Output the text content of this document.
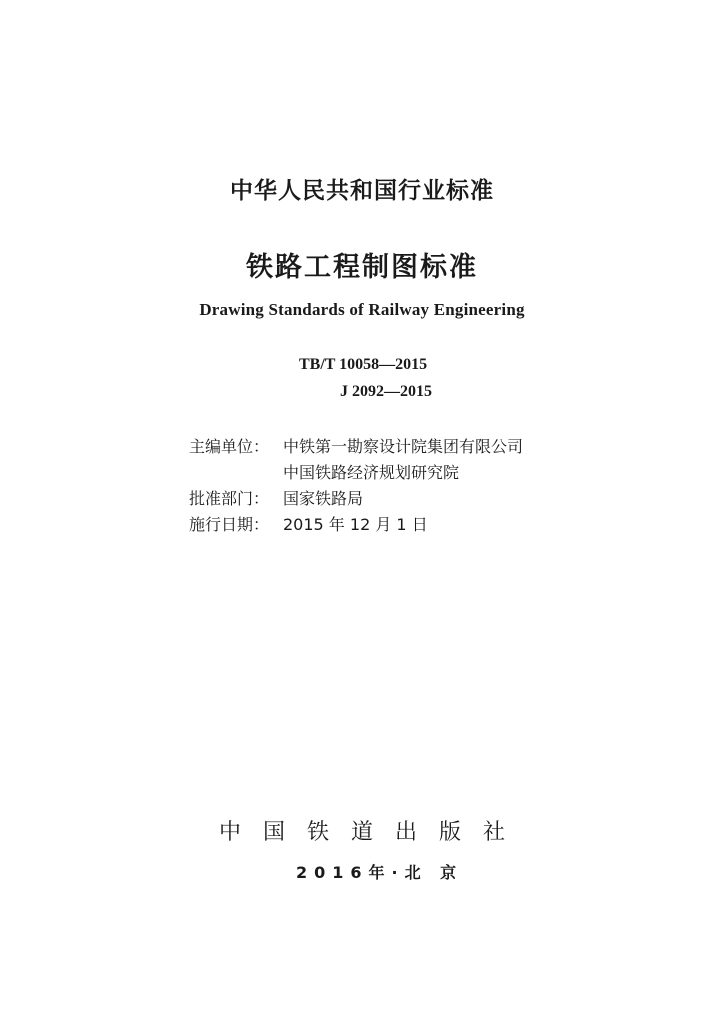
中华人民共和国行业标准
铁路工程制图标准
Drawing Standards of Railway Engineering
TB/T 10058—2015
J 2092—2015
主编单位： 中铁第一勘察设计院集团有限公司
中国铁路经济规划研究院
批准部门： 国家铁路局
施行日期： 2015 年 12 月 1 日
中国铁道出版社
2016年·北 京
